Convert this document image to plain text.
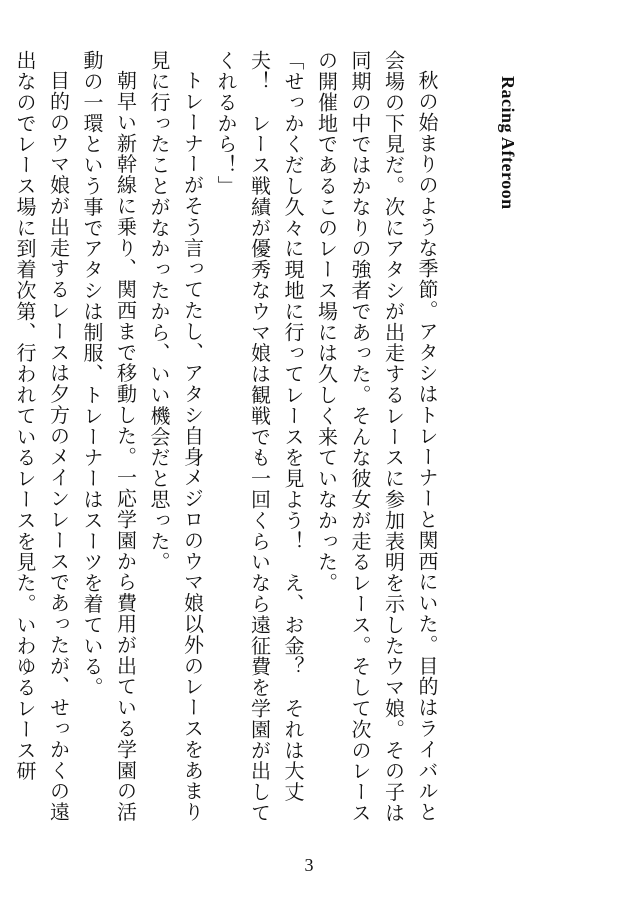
Racing Afteroon

秋の始まりのような季節。アタシはトレーナーと関西にいた。目的はライバルと会場の下見だ。次にアタシが出走するレースに参加表明を示したウマ娘。その子は同期の中ではかなりの強者であった。そんな彼女が走るレース。そして次のレースの開催地であるこのレース場には久しく来ていなかった。

「せっかくだし久々に現地に行ってレースを見よう！　え、お金？　それは大丈夫！　レース戦績が優秀なウマ娘は観戦でも一回くらいなら遠征費を学園が出してくれるから！」

トレーナーがそう言ってたし、アタシ自身メジロのウマ娘以外のレースをあまり見に行ったことがなかったから、いい機会だと思った。

朝早い新幹線に乗り、関西まで移動した。一応学園から費用が出ている学園の活動の一環という事でアタシは制服、トレーナーはスーツを着ている。

目的のウマ娘が出走するレースは夕方のメインレースであったが、せっかくの遠出なのでレース場に到着次第、行われているレースを見た。いわゆるレース研

3
